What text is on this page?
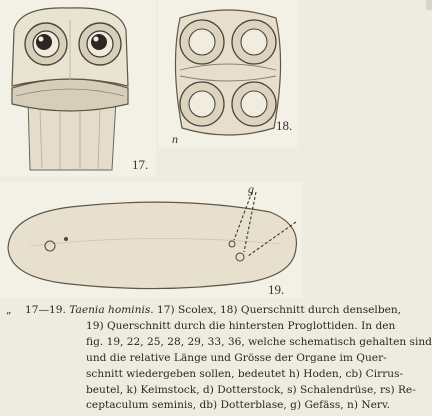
17.
18.
n
g
19.
„ 17—19. Taenia hominis. 17) Scolex, 18) Querschnitt durch denselben,
19) Querschnitt durch die hintersten Proglottiden. In den
fig. 19, 22, 25, 28, 29, 33, 36, welche schematisch gehalten sind
und die relative Länge und Grösse der Organe im Quer-
schnitt wiedergeben sollen, bedeutet h) Hoden, cb) Cirrus-
beutel, k) Keimstock, d) Dotterstock, s) Schalendrüse, rs) Re-
ceptaculum seminis, db) Dotterblase, g) Gefäss, n) Nerv.
